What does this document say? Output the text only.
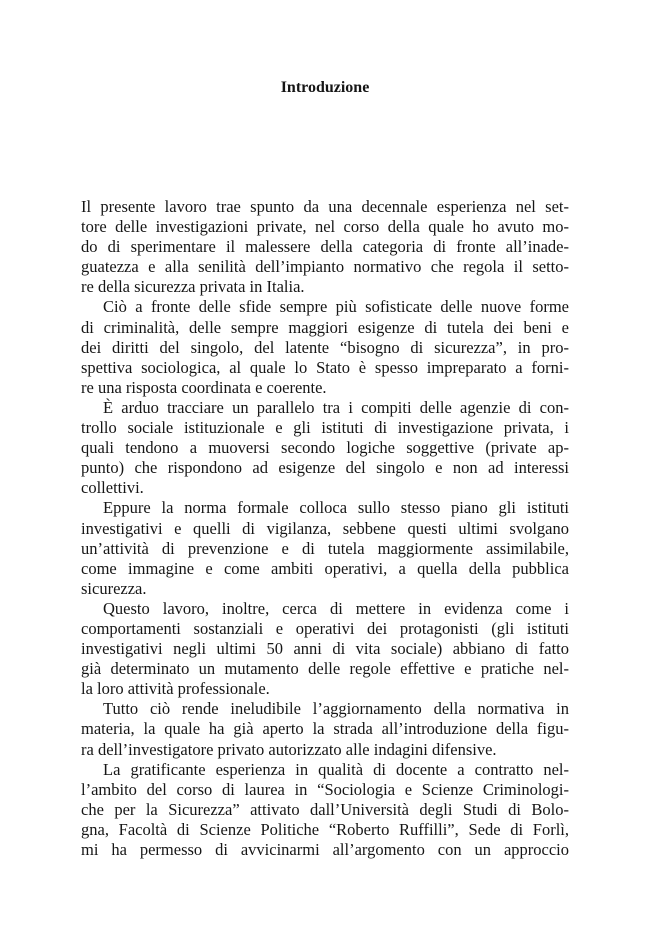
Introduzione
Il presente lavoro trae spunto da una decennale esperienza nel set-
tore delle investigazioni private, nel corso della quale ho avuto mo-
do di sperimentare il malessere della categoria di fronte all’inade-
guatezza e alla senilità dell’impianto normativo che regola il setto-
re della sicurezza privata in Italia.
Ciò a fronte delle sfide sempre più sofisticate delle nuove forme
di criminalità, delle sempre maggiori esigenze di tutela dei beni e
dei diritti del singolo, del latente “bisogno di sicurezza”, in pro-
spettiva sociologica, al quale lo Stato è spesso impreparato a forni-
re una risposta coordinata e coerente.
È arduo tracciare un parallelo tra i compiti delle agenzie di con-
trollo sociale istituzionale e gli istituti di investigazione privata, i
quali tendono a muoversi secondo logiche soggettive (private ap-
punto) che rispondono ad esigenze del singolo e non ad interessi
collettivi.
Eppure la norma formale colloca sullo stesso piano gli istituti
investigativi e quelli di vigilanza, sebbene questi ultimi svolgano
un’attività di prevenzione e di tutela maggiormente assimilabile,
come immagine e come ambiti operativi, a quella della pubblica
sicurezza.
Questo lavoro, inoltre, cerca di mettere in evidenza come i
comportamenti sostanziali e operativi dei protagonisti (gli istituti
investigativi negli ultimi 50 anni di vita sociale) abbiano di fatto
già determinato un mutamento delle regole effettive e pratiche nel-
la loro attività professionale.
Tutto ciò rende ineludibile l’aggiornamento della normativa in
materia, la quale ha già aperto la strada all’introduzione della figu-
ra dell’investigatore privato autorizzato alle indagini difensive.
La gratificante esperienza in qualità di docente a contratto nel-
l’ambito del corso di laurea in “Sociologia e Scienze Criminologi-
che per la Sicurezza” attivato dall’Università degli Studi di Bolo-
gna, Facoltà di Scienze Politiche “Roberto Ruffilli”, Sede di Forlì,
mi ha permesso di avvicinarmi all’argomento con un approccio
